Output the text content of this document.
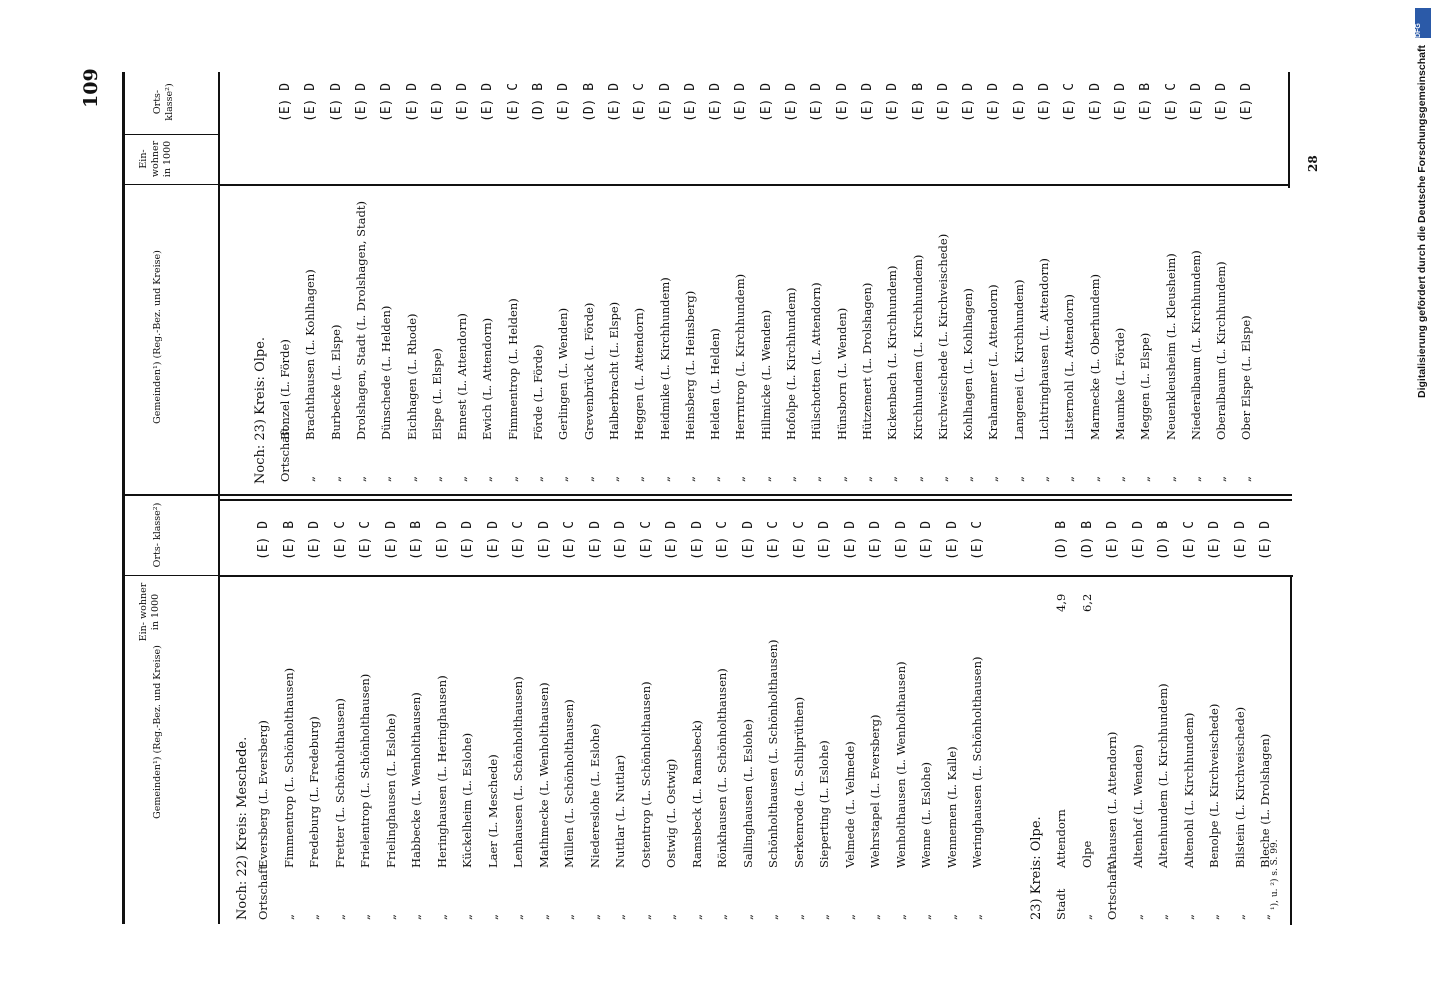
109
DFG
Digitalisierung gefördert durch die Deutsche Forschungsgemeinschaft
28
Gemeinden¹) (Reg.-Bez. und Kreise)
Ein- wohner in 1000
Orts- klasse²)
Gemeinden¹) (Reg.-Bez. und Kreise)
Ein- wohner in 1000
Orts- klasse²)
Noch: 22) Kreis: Meschede. Ortschaft
Eversberg (L. Eversberg)
(E) D
„
Fimmentrop (L. Schönholthausen)
(E) B
„
Fredeburg (L. Fredeburg)
(E) D
„
Fretter (L. Schönholthausen)
(E) C
„
Frielentrop (L. Schönholthausen)
(E) C
„
Frielinghausen (L. Eslohe)
(E) D
„
Habbecke (L. Wenholthausen)
(E) B
„
Heringhausen (L. Heringhausen)
(E) D
„
Kückelheim (L. Eslohe)
(E) D
„
Laer (L. Meschede)
(E) D
„
Lenhausen (L. Schönholthausen)
(E) C
„
Mathmecke (L. Wenholthausen)
(E) D
„
Müllen (L. Schönholthausen)
(E) C
„
Niedereslohe (L. Eslohe)
(E) D
„
Nuttlar (L. Nuttlar)
(E) D
„
Ostentrop (L. Schönholthausen)
(E) C
„
Ostwig (L. Ostwig)
(E) D
„
Ramsbeck (L. Ramsbeck)
(E) D
„
Rönkhausen (L. Schönholthausen)
(E) C
„
Sallinghausen (L. Eslohe)
(E) D
„
Schönholthausen (L. Schönholthausen)
(E) C
„
Serkenrode (L. Schliprüthen)
(E) C
„
Sieperting (L. Eslohe)
(E) D
„
Velmede (L. Velmede)
(E) D
„
Wehrstapel (L. Eversberg)
(E) D
„
Wenholthausen (L. Wenholthausen)
(E) D
„
Wenne (L. Eslohe)
(E) D
„
Wennemen (L. Kalle)
(E) D
„
Weringhausen (L. Schönholthausen)
(E) C
23) Kreis: Olpe. Stadt
Attendorn
4,9
(D) B
„
Olpe
6,2
(D) B
Ortschaft
Ahausen (L. Attendorn)
(E) D
„
Altenhof (L. Wenden)
(E) D
„
Altenhundem (L. Kirchhundem)
(D) B
„
Altenohl (L. Kirchhundem)
(E) C
„
Benolpe (L. Kirchveischede)
(E) D
„
Bilstein (L. Kirchveischede)
(E) D
„
Bleche (L. Drolshagen)
(E) D
¹), u. ²) s. S. 99.
Noch: 23) Kreis: Olpe. Ortschaft
Bonzel (L. Förde)
(E) D
„
Brachthausen (L. Kohlhagen)
(E) D
„
Burbecke (L. Elspe)
(E) D
„
Drolshagen, Stadt (L. Drolshagen, Stadt)
(E) D
„
Dünschede (L. Helden)
(E) D
„
Eichhagen (L. Rhode)
(E) D
„
Elspe (L. Elspe)
(E) D
„
Ennest (L. Attendorn)
(E) D
„
Ewich (L. Attendorn)
(E) D
„
Fimmentrop (L. Helden)
(E) C
„
Förde (L. Förde)
(D) B
„
Gerlingen (L. Wenden)
(E) D
„
Grevenbrück (L. Förde)
(D) B
„
Halberbracht (L. Elspe)
(E) D
„
Heggen (L. Attendorn)
(E) C
„
Heidmike (L. Kirchhundem)
(E) D
„
Heinsberg (L. Heinsberg)
(E) D
„
Helden (L. Helden)
(E) D
„
Herrntrop (L. Kirchhundem)
(E) D
„
Hillmicke (L. Wenden)
(E) D
„
Hofolpe (L. Kirchhundem)
(E) D
„
Hülschotten (L. Attendorn)
(E) D
„
Hünsborn (L. Wenden)
(E) D
„
Hützemert (L. Drolshagen)
(E) D
„
Kickenbach (L. Kirchhundem)
(E) D
„
Kirchhundem (L. Kirchhundem)
(E) B
„
Kirchveischede (L. Kirchveischede)
(E) D
„
Kohlhagen (L. Kohlhagen)
(E) D
„
Krahammer (L. Attendorn)
(E) D
„
Langenei (L. Kirchhundem)
(E) D
„
Lichtringhausen (L. Attendorn)
(E) D
„
Listernohl (L. Attendorn)
(E) C
„
Marmecke (L. Oberhundem)
(E) D
„
Maumke (L. Förde)
(E) D
„
Meggen (L. Elspe)
(E) B
„
Neuenkleusheim (L. Kleusheim)
(E) C
„
Niederalbaum (L. Kirchhundem)
(E) D
„
Oberalbaum (L. Kirchhundem)
(E) D
„
Ober Elspe (L. Elspe)
(E) D
